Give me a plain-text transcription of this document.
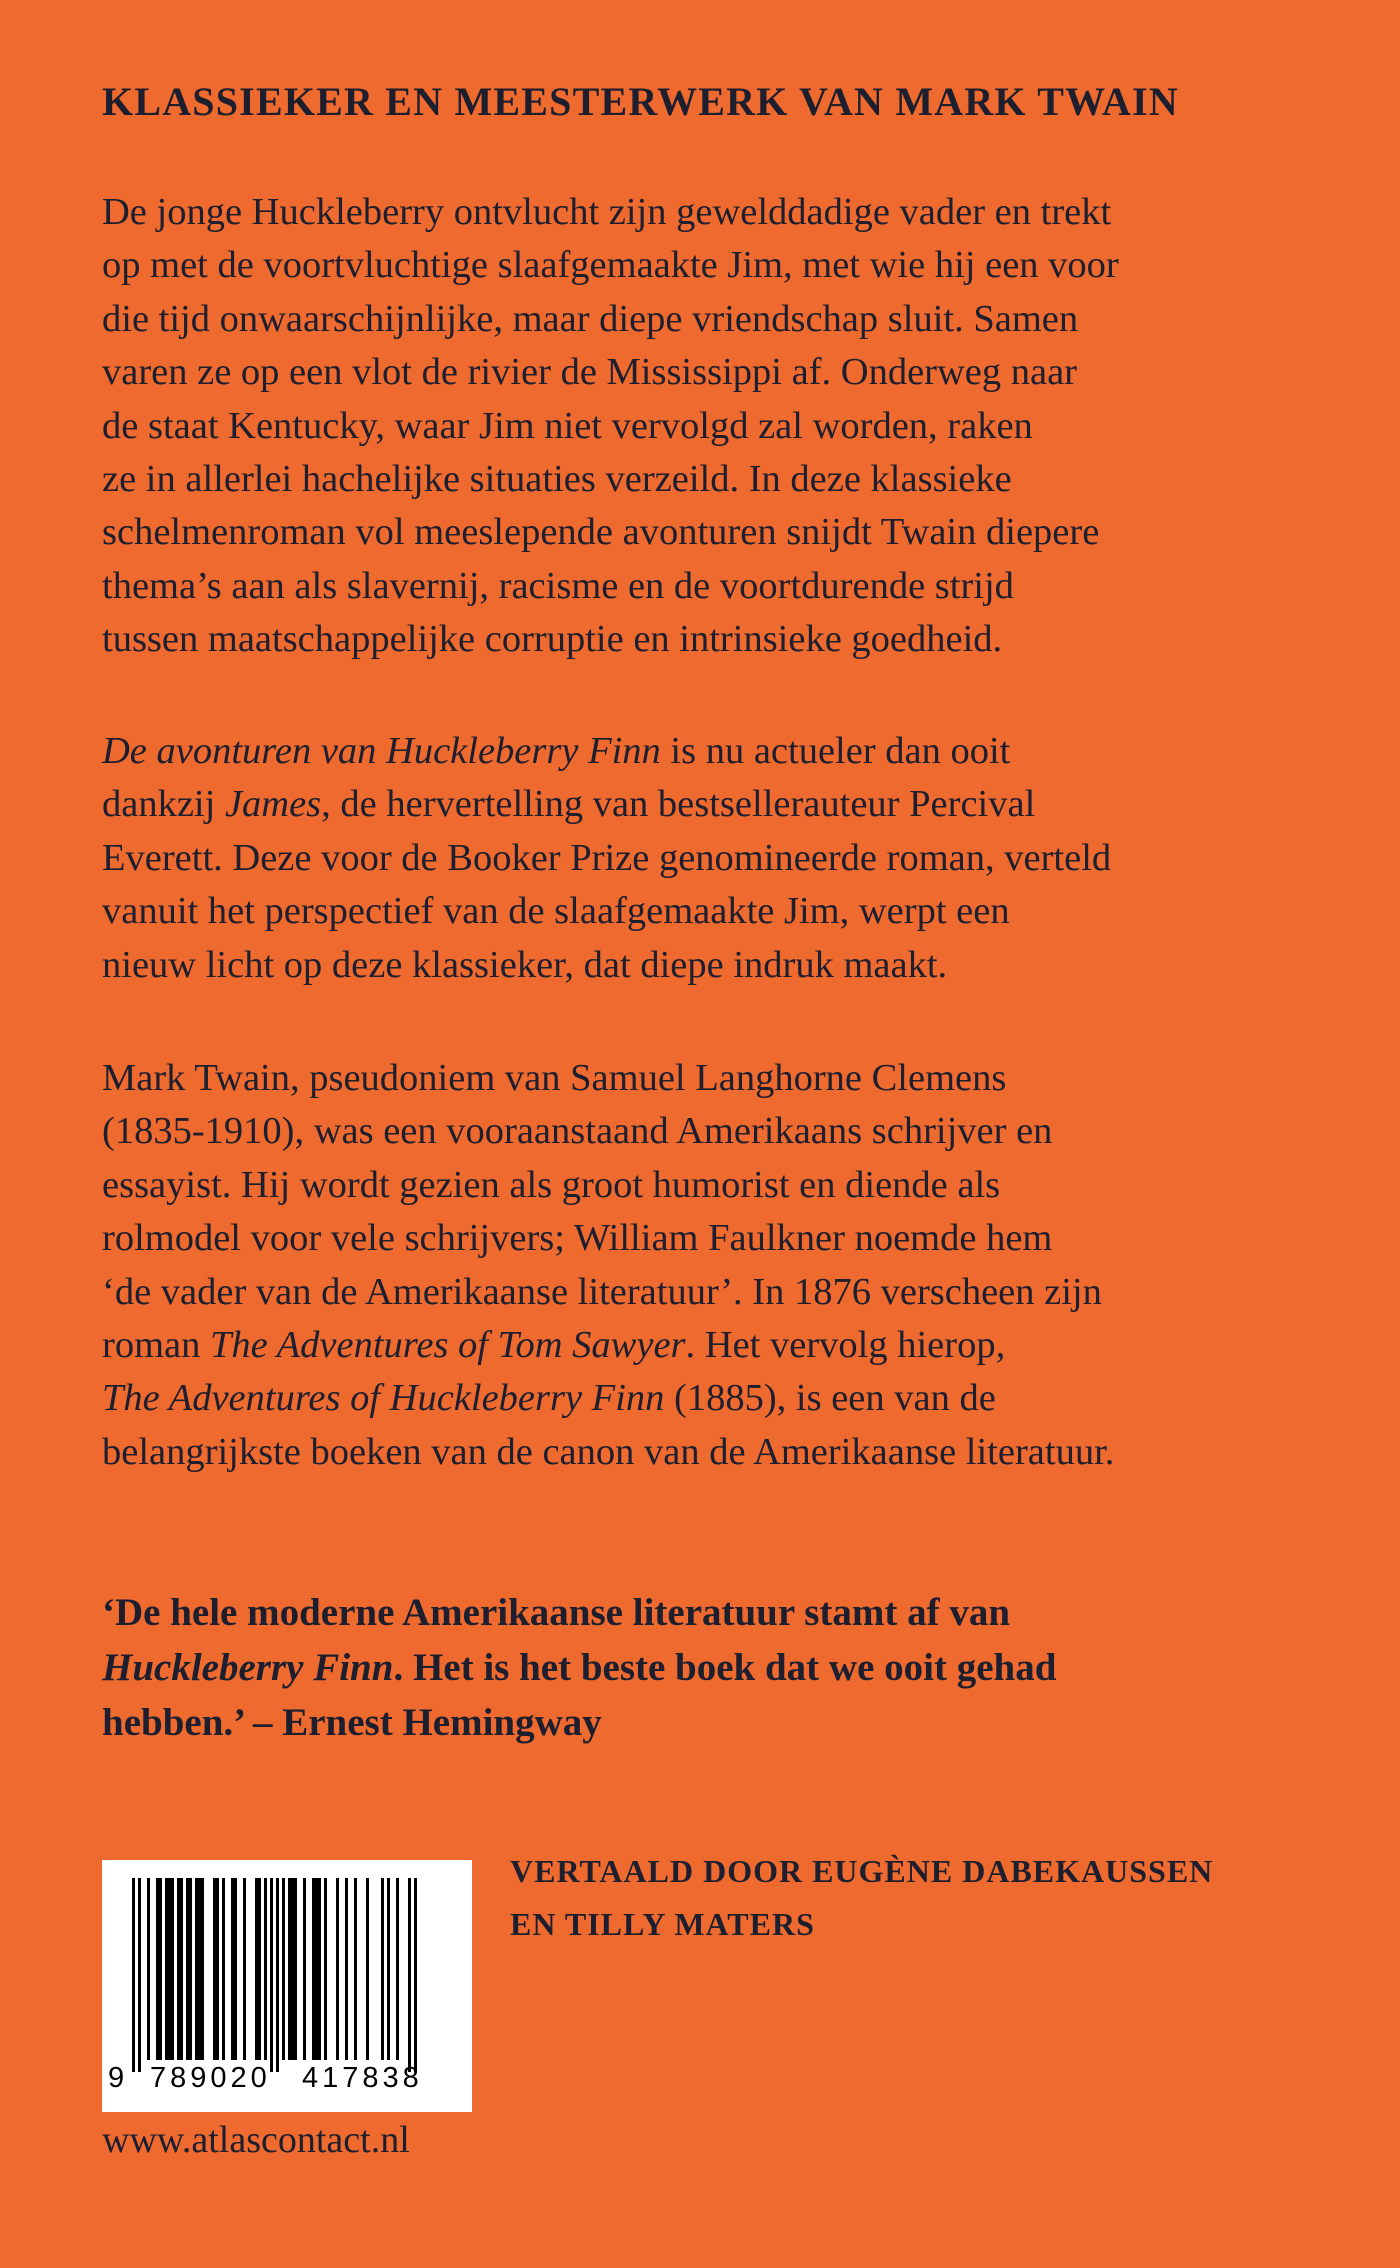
KLASSIEKER EN MEESTERWERK VAN MARK TWAIN

De jonge Huckleberry ontvlucht zijn gewelddadige vader en trekt
op met de voortvluchtige slaafgemaakte Jim, met wie hij een voor
die tijd onwaarschijnlijke, maar diepe vriendschap sluit. Samen
varen ze op een vlot de rivier de Mississippi af. Onderweg naar
de staat Kentucky, waar Jim niet vervolgd zal worden, raken
ze in allerlei hachelijke situaties verzeild. In deze klassieke
schelmenroman vol meeslepende avonturen snijdt Twain diepere
thema’s aan als slavernij, racisme en de voortdurende strijd
tussen maatschappelijke corruptie en intrinsieke goedheid.

De avonturen van Huckleberry Finn is nu actueler dan ooit
dankzij James, de hervertelling van bestsellerauteur Percival
Everett. Deze voor de Booker Prize genomineerde roman, verteld
vanuit het perspectief van de slaafgemaakte Jim, werpt een
nieuw licht op deze klassieker, dat diepe indruk maakt.

Mark Twain, pseudoniem van Samuel Langhorne Clemens
(1835-1910), was een vooraanstaand Amerikaans schrijver en
essayist. Hij wordt gezien als groot humorist en diende als
rolmodel voor vele schrijvers; William Faulkner noemde hem
‘de vader van de Amerikaanse literatuur’. In 1876 verscheen zijn
roman The Adventures of Tom Sawyer. Het vervolg hierop,
The Adventures of Huckleberry Finn (1885), is een van de
belangrijkste boeken van de canon van de Amerikaanse literatuur.

‘De hele moderne Amerikaanse literatuur stamt af van
Huckleberry Finn. Het is het beste boek dat we ooit gehad
hebben.’ – Ernest Hemingway

9 789020 417838
VERTAALD DOOR EUGÈNE DABEKAUSSEN
EN TILLY MATERS
www.atlascontact.nl
